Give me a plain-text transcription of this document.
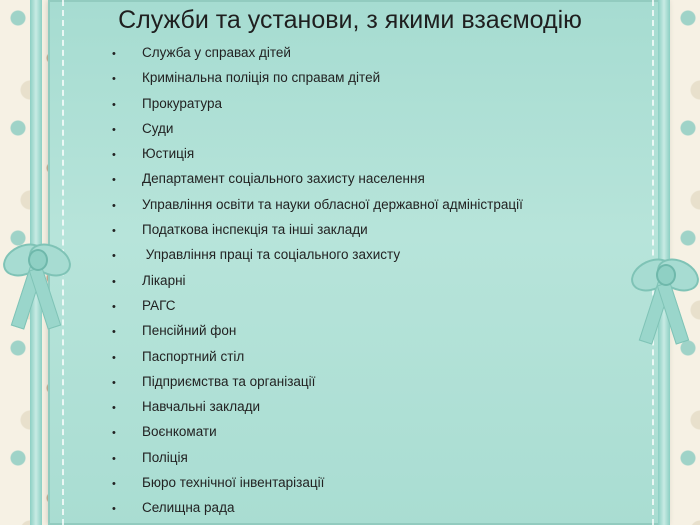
Служби та установи, з якими взаємодію
• Служба у справах дітей
• Кримінальна поліція по справам дітей
• Прокуратура
• Суди
• Юстиція
• Департамент соціального захисту населення
• Управління освіти та науки обласної державної адміністрації
• Податкова інспекція та інші заклади
• Управління праці та соціального захисту
• Лікарні
• РАГС
• Пенсійний фон
• Паспортний стіл
• Підприємства та організації
• Навчальні заклади
• Воєнкомати
• Поліція
• Бюро технічної інвентарізації
• Селищна рада
